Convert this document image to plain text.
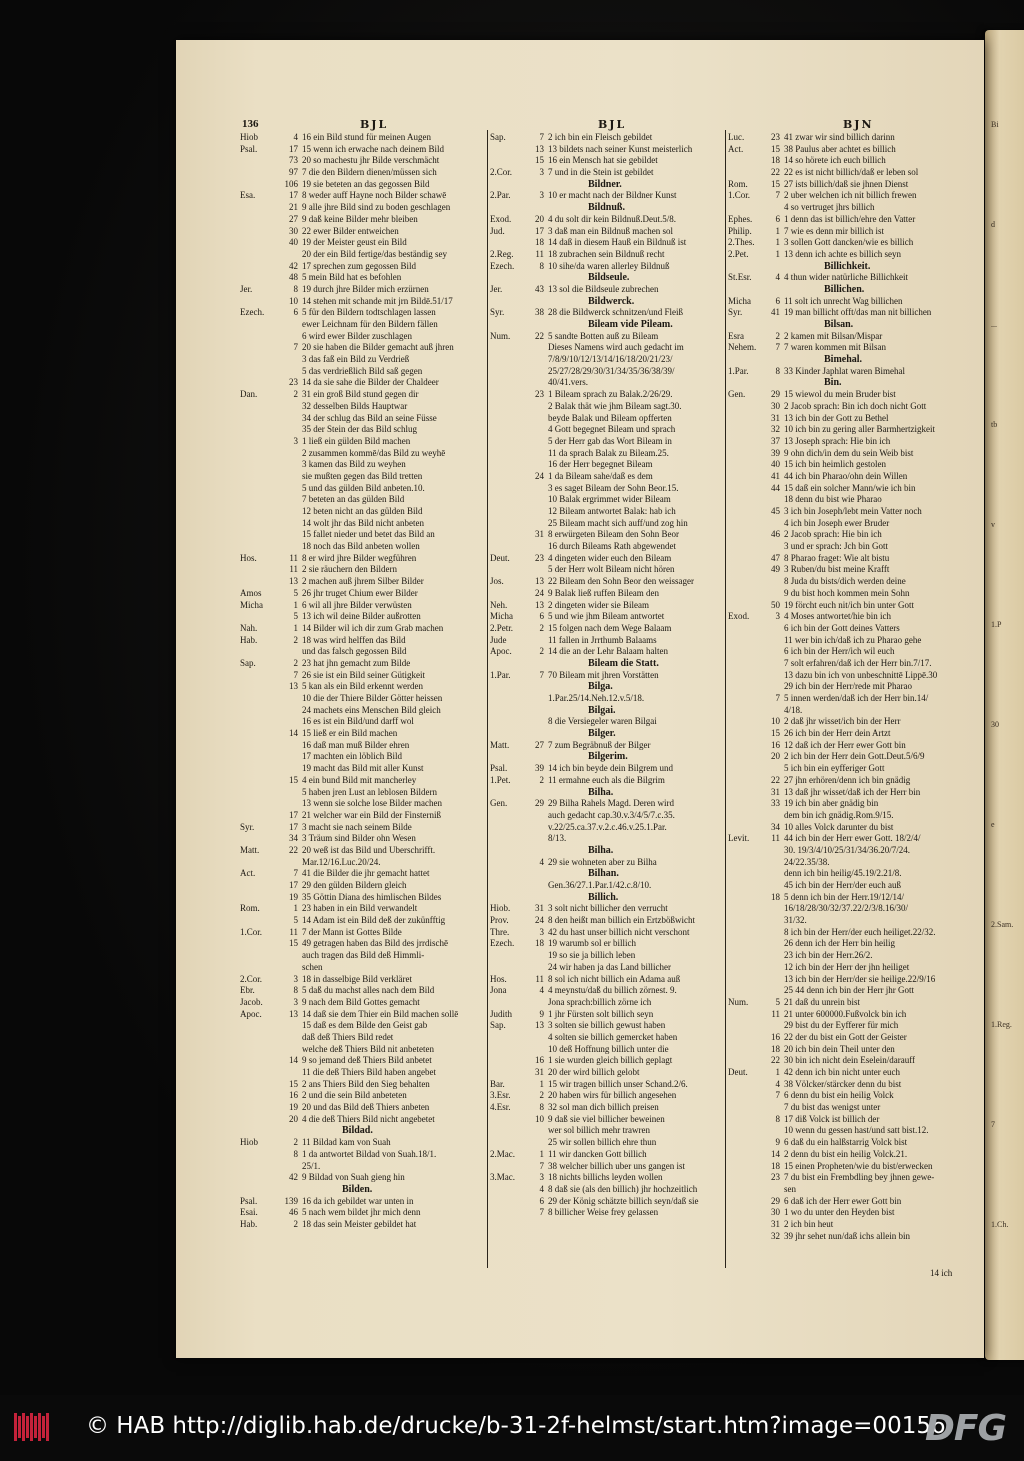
Bi
d
...
tb
v
1.P
30
e
2.Sam.
1.Reg.
7
1.Ch.
136	BJL
Hiob	4 16 ein Bild stund für meinen Augen
Psal.	17 15 wenn ich erwache nach deinem Bild
73 20 so machestu jhr Bilde verschmächt
97 7 die den Bildern dienen/müssen sich
106 19 sie beteten an das gegossen Bild
Esa.	17 8 weder auff Hayne noch Bilder schawē
21 9 alle jhre Bild sind zu boden geschlagen
27 9 daß keine Bilder mehr bleiben
30 22 ewer Bilder entweichen
40 19 der Meister geust ein Bild
20 der ein Bild fertige/das beständig sey
42 17 sprechen zum gegossen Bild
48 5 mein Bild hat es befohlen
Jer.	8 19 durch jhre Bilder mich erzürnen
10 14 stehen mit schande mit jrn Bildē.51/17
Ezech.	6 5 für den Bildern todtschlagen lassen
ewer Leichnam für den Bildern fällen
6 wird ewer Bilder zuschlagen
7 20 sie haben die Bilder gemacht auß jhren
3 das faß ein Bild zu Verdrieß
5 das verdrießlich Bild saß gegen
23 14 da sie sahe die Bilder der Chaldeer
Dan.	2 31 ein groß Bild stund gegen dir
32 desselben Bilds Hauptwar
34 der schlug das Bild an seine Füsse
35 der Stein der das Bild schlug
3 1 ließ ein gülden Bild machen
2 zusammen kommē/das Bild zu weyhē
3 kamen das Bild zu weyhen
sie mußten gegen das Bild tretten
5 und das gülden Bild anbeten.10.
7 beteten an das gülden Bild
12 beten nicht an das gülden Bild
14 wolt jhr das Bild nicht anbeten
15 fallet nieder und betet das Bild an
18 noch das Bild anbeten wollen
Hos.	11 8 er wird jhre Bilder wegführen
11 2 sie räuchern den Bildern
13 2 machen auß jhrem Silber Bilder
Amos	5 26 jhr truget Chium ewer Bilder
Micha	1 6 wil all jhre Bilder verwüsten
5 13 ich wil deine Bilder außrotten
Nah.	1 14 Bilder wil ich dir zum Grab machen
Hab.	2 18 was wird helffen das Bild
und das falsch gegossen Bild
Sap.	2 23 hat jhn gemacht zum Bilde
7 26 sie ist ein Bild seiner Gütigkeit
13 5 kan als ein Bild erkennt werden
10 die der Thiere Bilder Götter heissen
24 machets eins Menschen Bild gleich
16 es ist ein Bild/und darff wol
14 15 ließ er ein Bild machen
16 daß man muß Bilder ehren
17 machten ein löblich Bild
19 macht das Bild mit aller Kunst
15 4 ein bund Bild mit mancherley
5 haben jren Lust an leblosen Bildern
13 wenn sie solche lose Bilder machen
17 21 welcher war ein Bild der Finsterniß
Syr.	17 3 macht sie nach seinem Bilde
34 3 Träum sind Bilder ohn Wesen
Matt.	22 20 weß ist das Bild und Uberschrifft.
Mar.12/16.Luc.20/24.
Act.	7 41 die Bilder die jhr gemacht hattet
17 29 den gülden Bildern gleich
19 35 Göttin Diana des himlischen Bildes
Rom.	1 23 haben in ein Bild verwandelt
5 14 Adam ist ein Bild deß der zukünfftig
1.Cor.	11 7 der Mann ist Gottes Bilde
15 49 getragen haben das Bild des jrrdischē
auch tragen das Bild deß Himmli-
schen
2.Cor.	3 18 in dasselbige Bild verkläret
Ebr.	8 5 daß du machst alles nach dem Bild
Jacob.	3 9 nach dem Bild Gottes gemacht
Apoc.	13 14 daß sie dem Thier ein Bild machen sollē
15 daß es dem Bilde den Geist gab
daß deß Thiers Bild redet
welche deß Thiers Bild nit anbeteten
14 9 so jemand deß Thiers Bild anbetet
11 die deß Thiers Bild haben angebet
15 2 ans Thiers Bild den Sieg behalten
16 2 und die sein Bild anbeteten
19 20 und das Bild deß Thiers anbeten
20 4 die deß Thiers Bild nicht angebetet
Bildad.
Hiob	2 11 Bildad kam von Suah
8 1 da antwortet Bildad von Suah.18/1.
25/1.
42 9 Bildad von Suah gieng hin
Bilden.
Psal.	139 16 da ich gebildet war unten in
Esai.	46 5 nach wem bildet jhr mich denn
Hab.	2 18 das sein Meister gebildet hat
BJL
Sap.	7 2 ich bin ein Fleisch gebildet
13 13 bildets nach seiner Kunst meisterlich
15 16 ein Mensch hat sie gebildet
2.Cor.	3 7 und in die Stein ist gebildet
Bildner.
2.Par.	3 10 er macht nach der Bildner Kunst
Bildnuß.
Exod.	20 4 du solt dir kein Bildnuß.Deut.5/8.
Jud.	17 3 daß man ein Bildnuß machen sol
18 14 daß in diesem Hauß ein Bildnuß ist
2.Reg.	11 18 zubrachen sein Bildnuß recht
Ezech.	8 10 sihe/da waren allerley Bildnuß
Bildseule.
Jer.	43 13 sol die Bildseule zubrechen
Bildwerck.
Syr.	38 28 die Bildwerck schnitzen/und Fleiß
Bileam vide Pileam.
Num.	22 5 sandte Botten auß zu Bileam
Dieses Namens wird auch gedacht im
7/8/9/10/12/13/14/16/18/20/21/23/
25/27/28/29/30/31/34/35/36/38/39/
40/41.vers.
23 1 Bileam sprach zu Balak.2/26/29.
2 Balak thät wie jhm Bileam sagt.30.
beyde Balak und Bileam opfferten
4 Gott begegnet Bileam und sprach
5 der Herr gab das Wort Bileam in
11 da sprach Balak zu Bileam.25.
16 der Herr begegnet Bileam
24 1 da Bileam sahe/daß es dem
3 es saget Bileam der Sohn Beor.15.
10 Balak ergrimmet wider Bileam
12 Bileam antwortet Balak: hab ich
25 Bileam macht sich auff/und zog hin
31 8 erwürgeten Bileam den Sohn Beor
16 durch Bileams Rath abgewendet
Deut.	23 4 dingeten wider euch den Bileam
5 der Herr wolt Bileam nicht hören
Jos.	13 22 Bileam den Sohn Beor den weissager
24 9 Balak ließ ruffen Bileam den
Neh.	13 2 dingeten wider sie Bileam
Micha	6 5 und wie jhm Bileam antwortet
2.Petr.	2 15 folgen nach dem Wege Balaam
Jude	11 fallen in Jrrthumb Balaams
Apoc.	2 14 die an der Lehr Balaam halten
Bileam die Statt.
1.Par.	7 70 Bileam mit jhren Vorstätten
Bilga.
1.Par.25/14.Neh.12.v.5/18.
Bilgai.
8 die Versiegeler waren Bilgai
Bilger.
Matt.	27 7 zum Begräbnuß der Bilger
Bilgerim.
Psal.	39 14 ich bin beyde dein Bilgrem und
1.Pet.	2 11 ermahne euch als die Bilgrim
Bilha.
Gen.	29 29 Bilha Rahels Magd. Deren wird
auch gedacht cap.30.v.3/4/5/7.c.35.
v.22/25.ca.37.v.2.c.46.v.25.1.Par.
8/13.
Bilha.
4 29 sie wohneten aber zu Bilha
Bilhan.
Gen.36/27.1.Par.1/42.c.8/10.
Billich.
Hiob.	31 3 solt nicht billicher den verrucht
Prov.	24 8 den heißt man billich ein Ertzbößwicht
Thre.	3 42 du hast unser billich nicht verschont
Ezech.	18 19 warumb sol er billich
19 so sie ja billich leben
24 wir haben ja das Land billicher
Hos.	11 8 sol ich nicht billich ein Adama auß
Jona	4 4 meynstu/daß du billich zörnest. 9.
Jona sprach:billich zörne ich
Judith	9 1 jhr Fürsten solt billich seyn
Sap.	13 3 solten sie billich gewust haben
4 solten sie billich gemercket haben
10 deß Hoffnung billich unter die
16 1 sie wurden gleich billich geplagt
31 20 der wird billich gelobt
Bar.	1 15 wir tragen billich unser Schand.2/6.
3.Esr.	2 20 haben wirs für billich angesehen
4.Esr.	8 32 sol man dich billich preisen
10 9 daß sie viel billicher beweinen
wer sol billich mehr trawren
25 wir sollen billich ehre thun
2.Mac.	1 11 wir dancken Gott billich
7 38 welcher billich uber uns gangen ist
3.Mac.	3 18 nichts billichs leyden wollen
4 8 daß sie (als den billich) jhr hochzeitlich
6 29 der König schätzte billich seyn/daß sie
7 8 billicher Weise frey gelassen
BJN
Luc.	23 41 zwar wir sind billich darinn
Act.	15 38 Paulus aber achtet es billich
18 14 so hörete ich euch billich
22 22 es ist nicht billich/daß er leben sol
Rom.	15 27 ists billich/daß sie jhnen Dienst
1.Cor.	7 2 uber welchen ich nit billich frewen
4 so vertruget jhrs billich
Ephes.	6 1 denn das ist billich/ehre den Vatter
Philip.	1 7 wie es denn mir billich ist
2.Thes.	1 3 sollen Gott dancken/wie es billich
2.Pet.	1 13 denn ich achte es billich seyn
Billichkeit.
St.Esr.	4 4 thun wider natürliche Billichkeit
Billichen.
Micha	6 11 solt ich unrecht Wag billichen
Syr.	41 19 man billicht offt/das man nit billichen
Bilsan.
Esra	2 2 kamen mit Bilsan/Mispar
Nehem.	7 7 waren kommen mit Bilsan
Bimehal.
1.Par.	8 33 Kinder Japhlat waren Bimehal
Bin.
Gen.	29 15 wiewol du mein Bruder bist
30 2 Jacob sprach: Bin ich doch nicht Gott
31 13 ich bin der Gott zu Bethel
32 10 ich bin zu gering aller Barmhertzigkeit
37 13 Joseph sprach: Hie bin ich
39 9 ohn dich/in dem du sein Weib bist
40 15 ich bin heimlich gestolen
41 44 ich bin Pharao/ohn dein Willen
44 15 daß ein solcher Mann/wie ich bin
18 denn du bist wie Pharao
45 3 ich bin Joseph/lebt mein Vatter noch
4 ich bin Joseph ewer Bruder
46 2 Jacob sprach: Hie bin ich
3 und er sprach: Jch bin Gott
47 8 Pharao fraget: Wie alt bistu
49 3 Ruben/du bist meine Krafft
8 Juda du bists/dich werden deine
9 du bist hoch kommen mein Sohn
50 19 förcht euch nit/ich bin unter Gott
Exod.	3 4 Moses antwortet/hie bin ich
6 ich bin der Gott deines Vatters
11 wer bin ich/daß ich zu Pharao gehe
6 ich bin der Herr/ich wil euch
7 solt erfahren/daß ich der Herr bin.7/17.
13 dazu bin ich von unbeschnittē Lippē.30
29 ich bin der Herr/rede mit Pharao
7 5 innen werden/daß ich der Herr bin.14/
4/18.
10 2 daß jhr wisset/ich bin der Herr
15 26 ich bin der Herr dein Artzt
16 12 daß ich der Herr ewer Gott bin
20 2 ich bin der Herr dein Gott.Deut.5/6/9
5 ich bin ein eyfferiger Gott
22 27 jhn erhören/denn ich bin gnädig
31 13 daß jhr wisset/daß ich der Herr bin
33 19 ich bin aber gnädig bin
dem bin ich gnädig.Rom.9/15.
34 10 alles Volck darunter du bist
Levit.	11 44 ich bin der Herr ewer Gott. 18/2/4/
30. 19/3/4/10/25/31/34/36.20/7/24.
24/22.35/38.
denn ich bin heilig/45.19/2.21/8.
45 ich bin der Herr/der euch auß
18 5 denn ich bin der Herr.19/12/14/
16/18/28/30/32/37.22/2/3/8.16/30/
31/32.
8 ich bin der Herr/der euch heiliget.22/32.
26 denn ich der Herr bin heilig
23 ich bin der Herr.26/2.
12 ich bin der Herr der jhn heiliget
13 ich bin der Herr/der sie heilige.22/9/16
25 44 denn ich bin der Herr jhr Gott
Num.	5 21 daß du unrein bist
11 21 unter 600000.Fußvolck bin ich
29 bist du der Eyfferer für mich
16 22 der du bist ein Gott der Geister
18 20 ich bin dein Theil unter den
22 30 bin ich nicht dein Eselein/darauff
Deut.	1 42 denn ich bin nicht unter euch
4 38 Völcker/stärcker denn du bist
7 6 denn du bist ein heilig Volck
7 du bist das wenigst unter
8 17 diß Volck ist billich der
10 wenn du gessen hast/und satt bist.12.
9 6 daß du ein halßstarrig Volck bist
14 2 denn du bist ein heilig Volck.21.
18 15 einen Propheten/wie du bist/erwecken
23 7 du bist ein Frembdling bey jhnen gewe-
sen
29 6 daß ich der Herr ewer Gott bin
30 1 wo du unter den Heyden bist
31 2 ich bin heut
32 39 jhr sehet nun/daß ichs allein bin
14 ich
© HAB http://diglib.hab.de/drucke/b-31-2f-helmst/start.htm?image=00156
DFG
